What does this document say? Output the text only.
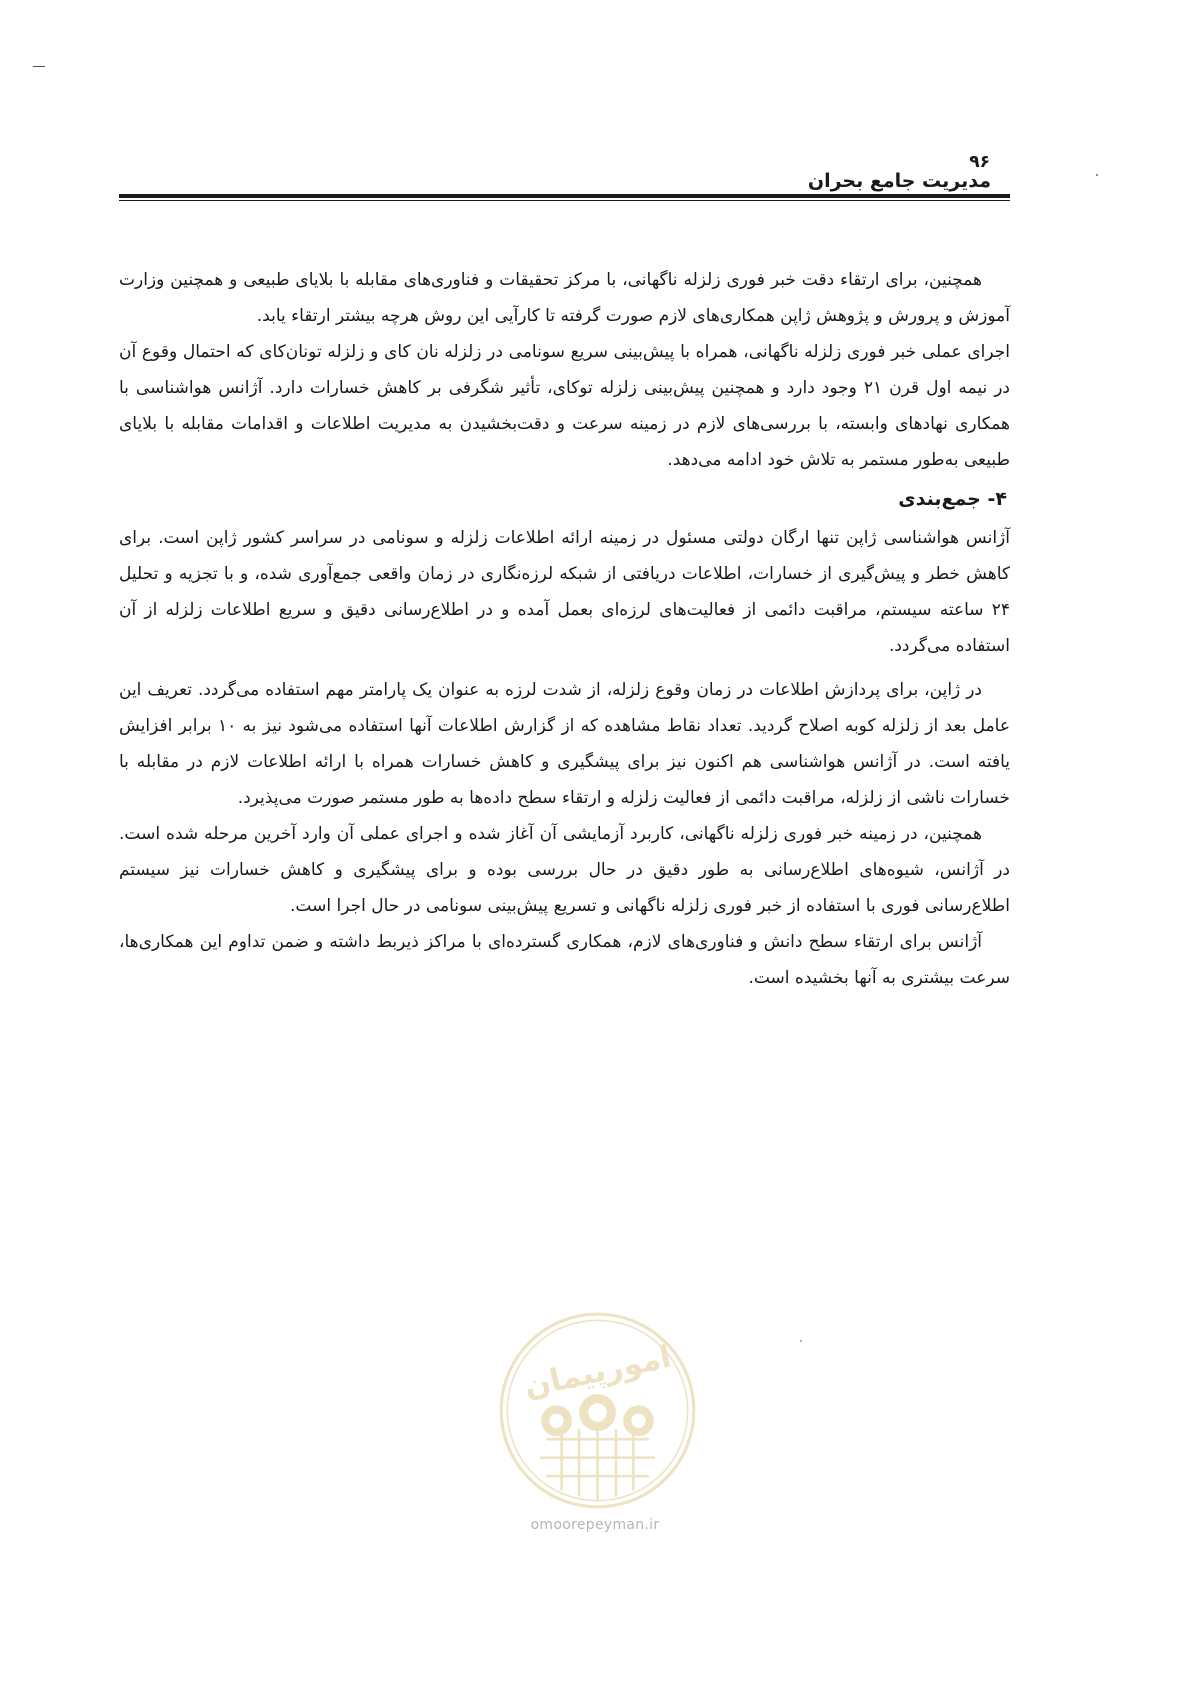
۹۶
مدیریت جامع بحران

همچنین، برای ارتقاء دقت خبر فوری زلزله ناگهانی، با مرکز تحقیقات و فناوری‌های مقابله با بلایای طبیعی و همچنین وزارت آموزش و پرورش و پژوهش ژاپن همکاری‌های لازم صورت گرفته تا کارآیی این روش هرچه بیشتر ارتقاء یابد.

اجرای عملی خبر فوری زلزله ناگهانی، همراه با پیش‌بینی سریع سونامی در زلزله نان کای و زلزله تونان‌کای که احتمال وقوع آن در نیمه اول قرن ۲۱ وجود دارد و همچنین پیش‌بینی زلزله توکای، تأثیر شگرفی بر کاهش خسارات دارد. آژانس هواشناسی با همکاری نهادهای وابسته، با بررسی‌های لازم در زمینه سرعت و دقت‌بخشیدن به مدیریت اطلاعات و اقدامات مقابله با بلایای طبیعی به‌طور مستمر به تلاش خود ادامه می‌دهد.

۴- جمع‌بندی

آژانس هواشناسی ژاپن تنها ارگان دولتی مسئول در زمینه ارائه اطلاعات زلزله و سونامی در سراسر کشور ژاپن است. برای کاهش خطر و پیش‌گیری از خسارات، اطلاعات دریافتی از شبکه لرزه‌نگاری در زمان واقعی جمع‌آوری شده، و با تجزیه و تحلیل ۲۴ ساعته سیستم، مراقبت دائمی از فعالیت‌های لرزه‌ای بعمل آمده و در اطلاع‌رسانی دقیق و سریع اطلاعات زلزله از آن استفاده می‌گردد.

در ژاپن، برای پردازش اطلاعات در زمان وقوع زلزله، از شدت لرزه به عنوان یک پارامتر مهم استفاده می‌گردد. تعریف این عامل بعد از زلزله کوبه اصلاح گردید. تعداد نقاط مشاهده که از گزارش اطلاعات آنها استفاده می‌شود نیز به ۱۰ برابر افزایش یافته است. در آژانس هواشناسی هم اکنون نیز برای پیشگیری و کاهش خسارات همراه با ارائه اطلاعات لازم در مقابله با خسارات ناشی از زلزله، مراقبت دائمی از فعالیت زلزله و ارتقاء سطح داده‌ها به طور مستمر صورت می‌پذیرد.

همچنین، در زمینه خبر فوری زلزله ناگهانی، کاربرد آزمایشی آن آغاز شده و اجرای عملی آن وارد آخرین مرحله شده است. در آژانس، شیوه‌های اطلاع‌رسانی به طور دقیق در حال بررسی بوده و برای پیشگیری و کاهش خسارات نیز سیستم اطلاع‌رسانی فوری با استفاده از خبر فوری زلزله ناگهانی و تسریع پیش‌بینی سونامی در حال اجرا است.

آژانس برای ارتقاء سطح دانش و فناوری‌های لازم، همکاری گسترده‌ای با مراکز ذیربط داشته و ضمن تداوم این همکاری‌ها، سرعت بیشتری به آنها بخشیده است.

امورپیمان
omoorepeyman.ir
